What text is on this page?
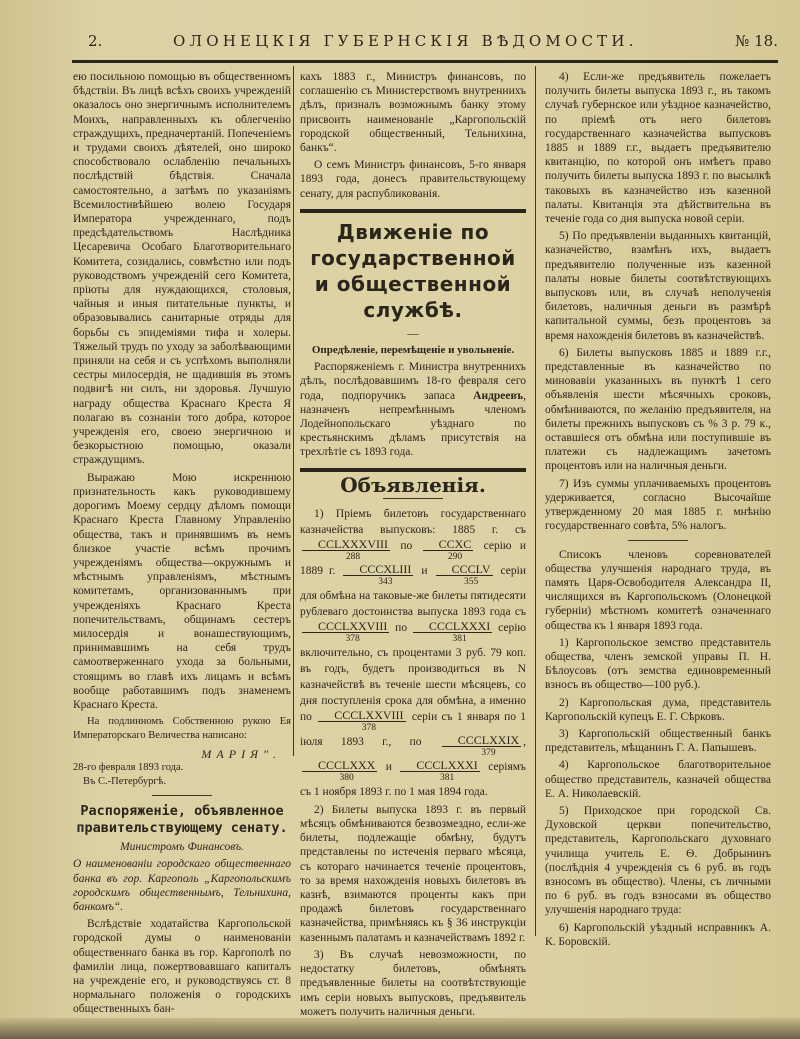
2.	ОЛОНЕЦКІЯ ГУБЕРНСКІЯ ВѢДОМОСТИ.	№ 18.

ею посильною помощью въ общественномъ бѣдствіи. Въ лицѣ всѣхъ своихъ учрежденій оказалось оно энергичнымъ исполнителемъ Моихъ, направленныхъ къ облегченію страждущихъ, предначертаній. Попеченіемъ и трудами своихъ дѣятелей, оно широко способствовало ослабленію печальныхъ послѣдствій бѣдствія. Сначала самостоятельно, а затѣмъ по указаніямъ Всемилостивѣйшею волею Государя Императора учрежденнаго, подъ предсѣдательствомъ Наслѣдника Цесаревича Особаго Благотворительнаго Комитета, созидались, совмѣстно или подъ руководствомъ учрежденій сего Комитета, пріюты для нуждающихся, столовыя, чайныя и иныя питательные пункты, и образовывались санитарные отряды для борьбы съ эпидеміями тифа и холеры. Тяжелый трудъ по уходу за заболѣвающими приняли на себя и съ успѣхомъ выполняли сестры милосердія, не щадившія въ этомъ подвигѣ ни силъ, ни здоровья. Лучшую награду общества Краснаго Креста Я полагаю въ сознаніи того добра, которое учрежденія его, своею энергичною и безкорыстною помощью, оказали страждущимъ.

Выражаю Мою искреннюю признательность какъ руководившему дорогимъ Моему сердцу дѣломъ помощи Краснаго Креста Главному Управленію общества, такъ и принявшимъ въ немъ близкое участіе всѣмъ прочимъ учрежденіямъ общества—окружнымъ и мѣстнымъ управленіямъ, мѣстнымъ комитетамъ, организованнымъ при учрежденіяхъ Краснаго Креста попечительствамъ, общинамъ сестеръ милосердія и вонашествующимъ, принимавшимъ на себя трудъ самоотверженнаго ухода за больными, стоящимъ во главѣ ихъ лицамъ и всѣмъ вообще работавшимъ подъ знаменемъ Краснаго Креста.

На подлинномъ Собственною рукою Ея Императорскаго Величества написано:

МАРІЯ".
28-го февраля 1893 года.
Въ С.-Петербургѣ.
Распоряженіе, объявленное правительствующему сенату.
Министромъ Финансовъ.

О наименованіи городскаго общественнаго банка въ гор. Каргополь „Каргопольскимъ городскимъ общественнымъ, Тельнихина, банкомъ“.

Вслѣдствіе ходатайства Каргопольской городской думы о наименованіи общественнаго банка въ гор. Каргополѣ по фамиліи лица, пожертвовавшаго капиталъ на учрежденіе его, и руководствуясь ст. 8 нормальнаго положенія о городскихъ общественныхъ бан-

кахъ 1883 г., Министръ финансовъ, по соглашенію съ Министерствомъ внутреннихъ дѣлъ, призналъ возможнымъ банку этому присвоить наименованіе „Каргопольскій городской общественный, Тельнихина, банкъ“.

О семъ Министръ финансовъ, 5-го января 1893 года, донесъ правительствующему сенату, для распубликованія.

Движеніе по государственной и общественной службѣ.
—
Опредѣленіе, перемѣщеніе и увольненіе.

Распоряженіемъ г. Министра внутреннихъ дѣлъ, послѣдовавшимъ 18-го февраля сего года, подпоручикъ запаса Андреевъ, назначенъ непремѣннымъ членомъ Лодейнопольскаго уѣзднаго по крестьянскимъ дѣламъ присутствія на трехлѣтіе съ 1893 года.

Объявленія.

1) Пріемъ билетовъ государственнаго казначейства выпусковъ: 1885 г. съ
$\frac{\text{CCLXXXVIII}}{288}$ по $\frac{\text{CCXC}}{290}$ серію и 1889 г. $\frac{\text{CCCXLIII}}{343}$ и $\frac{\text{CCCLV}}{355}$ серіи для обмѣна на таковые-же билеты пятидесяти рублеваго достоинства выпуска 1893 года съ
$\frac{\text{CCCLXXVIII}}{378}$ по $\frac{\text{CCCLXXXI}}{381}$ серію включительно, съ процентами 3 руб. 79 коп. въ годъ, будетъ производиться въ N казначействѣ въ теченіе шести мѣсяцевъ, со дня поступленія срока для обмѣна, а именно по $\frac{\text{CCCLXXVIII}}{378}$ серіи съ 1 января по 1 іюля 1893 г., по $\frac{\text{CCCLXXIX}}{379}$ ,
$\frac{\text{CCCLXXX}}{380}$ и $\frac{\text{CCCLXXXI}}{381}$ серіямъ съ 1 ноября 1893 г. по 1 мая 1894 года.

2) Билеты выпуска 1893 г. въ первый мѣсяцъ обмѣниваются безвозмездно, если-же билеты, подлежащіе обмѣну, будутъ представлены по истеченія перваго мѣсяца, съ котораго начинается теченіе процентовъ, то за время нахожденія новыхъ билетовъ въ казнѣ, взимаются проценты какъ при продажѣ билетовъ государственнаго казначейства, примѣняясь къ § 36 инструкціи казеннымъ палатамъ и казначействамъ 1892 г.

3) Въ случаѣ невозможности, по недостатку билетовъ, обмѣнять предъявленные билеты на соотвѣтствующіе имъ серіи новыхъ выпусковъ, предъявитель можетъ получить наличныя деньги.

4) Если-же предъявитель пожелаетъ получить билеты выпуска 1893 г., въ такомъ случаѣ губернское или уѣздное казначейство, по пріемѣ отъ него билетовъ государственнаго казначейства выпусковъ 1885 и 1889 г.г., выдаетъ предъявителю квитанцію, по которой онъ имѣетъ право получить билеты выпуска 1893 г. по высылкѣ таковыхъ въ казначейство изъ казенной палаты. Квитанція эта дѣйствительна въ теченіе года со дня выпуска новой серіи.

5) По предъявленіи выданныхъ квитанцій, казначейство, взамѣнъ ихъ, выдаетъ предъявителю полученные изъ казенной палаты новые билеты соотвѣтствующихъ выпусковъ или, въ случаѣ неполученія билетовъ, наличныя деньги въ размѣрѣ капитальной суммы, безъ процентовъ за время нахожденія билетовъ въ казначействѣ.

6) Билеты выпусковъ 1885 и 1889 г.г., представленные въ казначейство по миновавіи указанныхъ въ пунктѣ 1 сего объявленія шести мѣсячныхъ сроковъ, обмѣниваются, по желанію предъявителя, на билеты прежнихъ выпусковъ съ % 3 р. 79 к., оставшіеся отъ обмѣна или поступившіе въ платежи съ надлежащимъ зачетомъ процентовъ или на наличныя деньги.

7) Изъ суммы уплачиваемыхъ процентовъ удерживается, согласно Высочайше утвержденному 20 мая 1885 г. мнѣнію государственнаго совѣта, 5% налогъ.

Списокъ членовъ соревнователей общества улучшенія народнаго труда, въ память Царя-Освободителя Александра II, числящихся въ Каргопольскомъ (Олонецкой губерніи) мѣстномъ комитетѣ означеннаго общества къ 1 января 1893 года.

1) Каргопольское земство представитель общества, членъ земской управы П. Н. Бѣлоусовъ (отъ земства единовременный взносъ въ общество—100 руб.).

2) Каргопольская дума, представитель Каргопольскій купецъ Е. Г. Сѣрковъ.

3) Каргопольскій общественный банкъ представитель, мѣщанинъ Г. А. Папышевъ.

4) Каргопольское благотворительное общество представитель, казначей общества Е. А. Николаевскій.

5) Приходское при городской Св. Духовской церкви попечительство, представитель, Каргопольскаго духовнаго училища учитель Е. Ѳ. Добрынинъ (послѣднія 4 учрежденія съ 6 руб. въ годъ взносомъ въ общество). Члены, съ личными по 6 руб. въ годъ взносами въ общество улучшенія народнаго труда:

6) Каргопольскій уѣздный исправникъ А. К. Боровскій.
